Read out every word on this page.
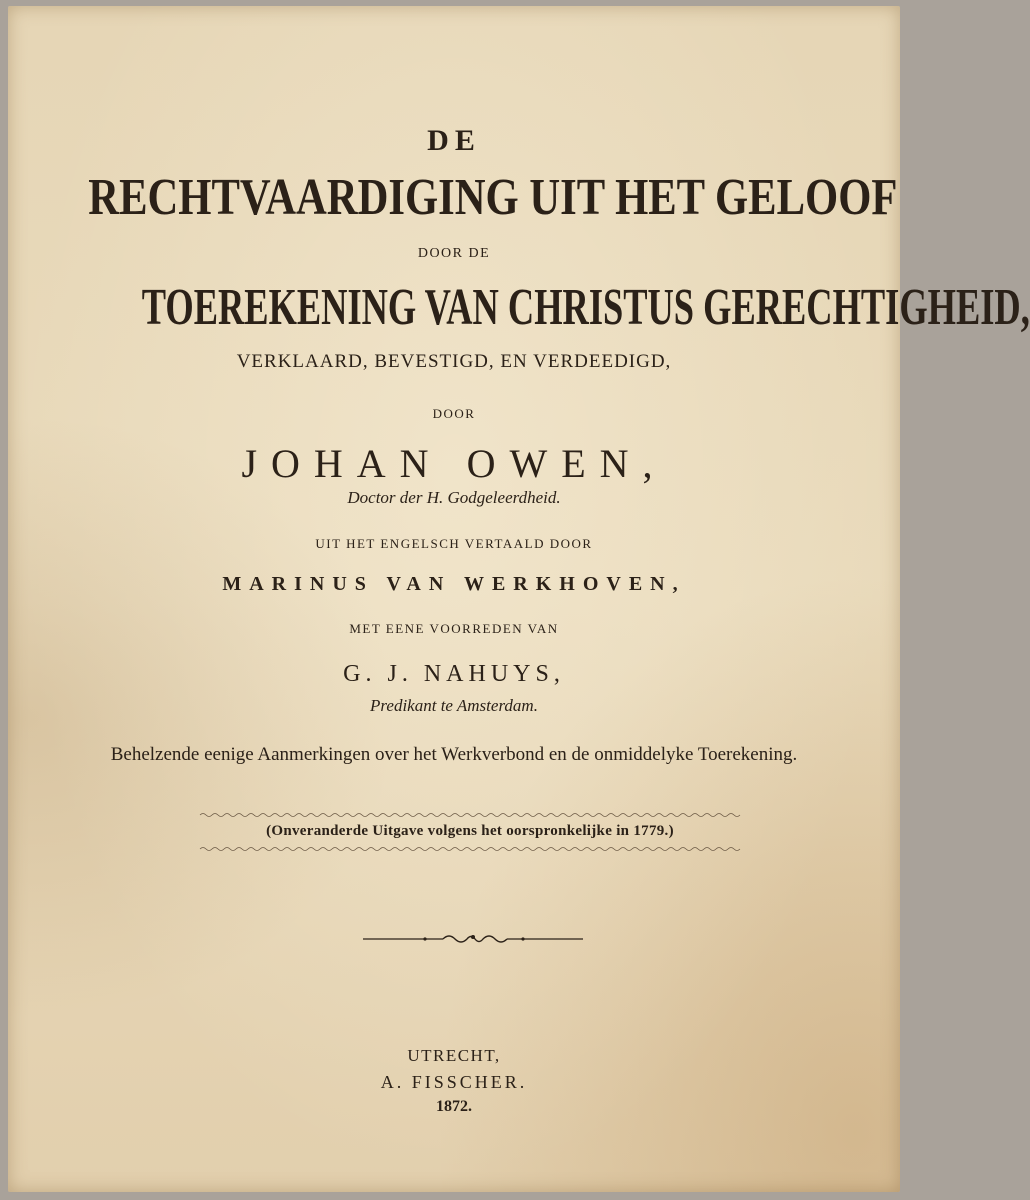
DE
RECHTVAARDIGING UIT HET GELOOF
DOOR DE
TOEREKENING VAN CHRISTUS GERECHTIGHEID,
VERKLAARD, BEVESTIGD, EN VERDEEDIGD,
DOOR
JOHAN OWEN,
Doctor der H. Godgeleerdheid.
UIT HET ENGELSCH VERTAALD DOOR
MARINUS VAN WERKHOVEN,
MET EENE VOORREDEN VAN
G. J. NAHUYS,
Predikant te Amsterdam.
Behelzende eenige Aanmerkingen over het Werkverbond en de onmiddelyke Toerekening.
(Onveranderde Uitgave volgens het oorspronkelijke in 1779.)
UTRECHT,
A. FISSCHER.
1872.
